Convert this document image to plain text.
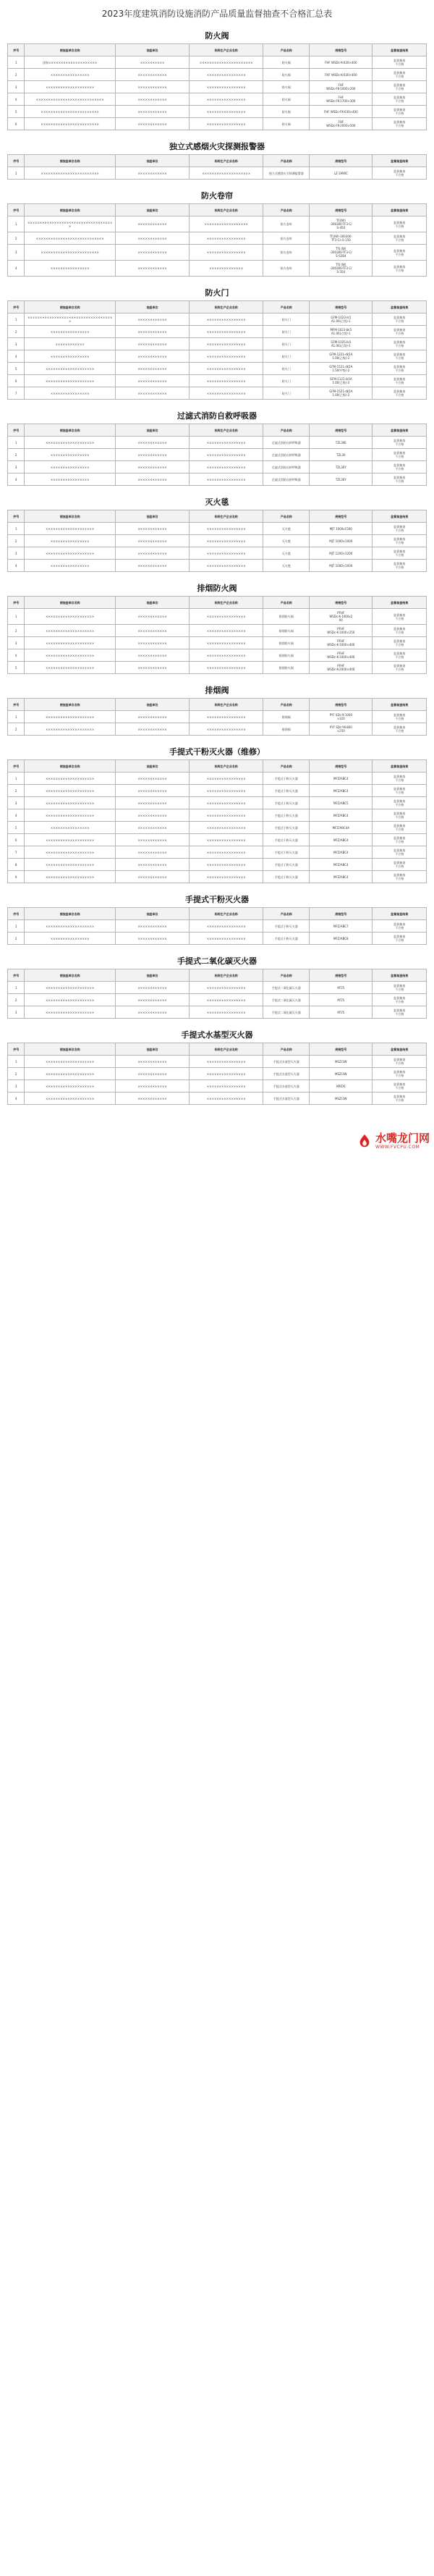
2023年度建筑消防设施消防产品质量监督抽查不合格汇总表
防火阀
序号	被抽查单位名称	抽查单位	标称生产企业名称	产品名称	规格型号	监督抽查结果
1	国家××××××××××××××××××××	××××××××××	××××××××××××××××××××××	防火阀	FHF WSDc-K-630×400	监督抽查
不合格
2	××××××××××××××××	××××××××××××	××××××××××××××××	防火阀	FHF WSDc-K-630×400	监督抽查
不合格
3	××××××××××××××××××××	××××××××××××	××××××××××××××××	防火阀	FHF
WSDc-FK-1000×200	监督抽查
不合格
4	××××××××××××××××××××××××××××	××××××××××××	××××××××××××××××	防火阀	FHF
WSDc-FK-1700×300	监督抽查
不合格
5	××××××××××××××××××××××××	××××××××××××	××××××××××××××××	防火阀	FHF WSDc-FK-630×400	监督抽查
不合格
6	××××××××××××××××××××××××	××××××××××××	××××××××××××××××	防火阀	FHF
WSDc-FK-2000×500	监督抽查
不合格
独立式感烟火灾探测报警器
序号	被抽查单位名称	抽查单位	标称生产企业名称	产品名称	规格型号	监督抽查结果
1	××××××××××××××××××××××××	××××××××××××	××××××××××××××××××××	独立式感烟火灾探测报警器	LZ-1990C	监督抽查
不合格
防火卷帘
序号	被抽查单位名称	抽查单位	标称生产企业名称	产品名称	规格型号	监督抽查结果
1	××××××××××××××××××××××××××××××××××××	××××××××××××	××××××××××××××××××	防火卷帘	TFJ(W)
-300300-TF3-C/
S-450	监督抽查
不合格
2	××××××××××××××××××××××××××××	××××××××××××	××××××××××××××××	防火卷帘	TFJ(W)-300300-
TF3-Cs-S-150	监督抽查
不合格
3	××××××××××××××××××××××××	××××××××××××	××××××××××××××××	防火卷帘	TFJ (W)
-300300-TF3-C/
S-S2B4	监督抽查
不合格
4	××××××××××××××××	××××××××××××	××××××××××××××	防火卷帘	TFJ (W)
-300300-TF3-C/
S-350	监督抽查
不合格
防火门
序号	被抽查单位名称	抽查单位	标称生产企业名称	产品名称	规格型号	监督抽查结果
1	××××××××××××××××××××××××××××××××××××	××××××××××××	××××××××××××××××	防火门	GFM-1023-ik5
A1.00(乙级)-1	监督抽查
不合格
2	××××××××××××××××	××××××××××××	××××××××××××××××	防火门	MFM-1023-bk5
A1.00(乙级)-1	监督抽查
不合格
3	××××××××××××	××××××××××××	××××××××××××××××	防火门	GFM-1025-lk5
A1.00(乙级)-1	监督抽查
不合格
4	××××××××××××××××	××××××××××××	××××××××××××××××	防火门	GFM-1221-dk5A
1.00(乙级)-2	监督抽查
不合格
5	××××××××××××××××××××	××××××××××××	××××××××××××××××	防火门	GFM-1521-dk5A
1.50(甲级)-2	监督抽查
不合格
6	××××××××××××××××××××	××××××××××××	××××××××××××××××	防火门	GFM-1121-ik5A
1.00(乙级)-2	监督抽查
不合格
7	××××××××××××××××	××××××××××××	××××××××××××××××	防火门	GFM-1521-dk5A
1.00(乙级)-2	监督抽查
不合格
过滤式消防自救呼吸器
序号	被抽查单位名称	抽查单位	标称生产企业名称	产品名称	规格型号	监督抽查结果
1	××××××××××××××××××××	××××××××××××	××××××××××××××××	过滤式消防自救呼吸器	TZL30E	监督抽查
不合格
2	××××××××××××××××	××××××××××××	××××××××××××××××	过滤式消防自救呼吸器	TZL30	监督抽查
不合格
3	××××××××××××××××	××××××××××××	××××××××××××××××	过滤式消防自救呼吸器	TZL30Y	监督抽查
不合格
4	××××××××××××××××	××××××××××××	××××××××××××××××	过滤式消防自救呼吸器	TZL30Y	监督抽查
不合格
灭火毯
序号	被抽查单位名称	抽查单位	标称生产企业名称	产品名称	规格型号	监督抽查结果
1	××××××××××××××××××××	××××××××××××	××××××××××××××××	灭火毯	MJT 1000x1500	监督抽查
不合格
2	××××××××××××××××	××××××××××××	××××××××××××××××	灭火毯	MJT 1000×1000	监督抽查
不合格
3	××××××××××××××××××××	××××××××××××	××××××××××××××××	灭火毯	MJT 1200×1200	监督抽查
不合格
4	××××××××××××××××	××××××××××××	××××××××××××××××	灭火毯	MJT 1000×1000	监督抽查
不合格
排烟防火阀
序号	被抽查单位名称	抽查单位	标称生产企业名称	产品名称	规格型号	监督抽查结果
1	××××××××××××××××××××	××××××××××××	××××××××××××××××	排烟防火阀	PFHF
WSDc-K-1000x2
00	监督抽查
不合格
2	××××××××××××××××××××	××××××××××××	××××××××××××××××	排烟防火阀	PFHF
WSDc-K-1000×250	监督抽查
不合格
3	××××××××××××××××××××	××××××××××××	××××××××××××××××	排烟防火阀	PFHF
WSDc-K-1000×400	监督抽查
不合格
4	××××××××××××××××××××	××××××××××××	××××××××××××××××	排烟防火阀	PFHF
WSDc-K-1000×400	监督抽查
不合格
5	××××××××××××××××××××	××××××××××××	××××××××××××××××	排烟防火阀	PFHF
WSDc-K-2000×400	监督抽查
不合格
排烟阀
序号	被抽查单位名称	抽查单位	标称生产企业名称	产品名称	规格型号	监督抽查结果
1	××××××××××××××××××××	××××××××××××	××××××××××××××××	排烟阀	PYF SDc-K-1000
×320	监督抽查
不合格
2	××××××××××××××××××××	××××××××××××	××××××××××××××××	排烟阀	PYF SDc-YK-800
×250	监督抽查
不合格
手提式干粉灭火器（维修）
序号	被抽查单位名称	抽查单位	标称生产企业名称	产品名称	规格型号	监督抽查结果
1	××××××××××××××××××××	××××××××××××	××××××××××××××××	手提式干粉灭火器	MFZ/ABC4	监督抽查
不合格
2	××××××××××××××××××××	××××××××××××	××××××××××××××××	手提式干粉灭火器	MFZ/ABC4	监督抽查
不合格
3	××××××××××××××××××××	××××××××××××	××××××××××××××××	手提式干粉灭火器	MFZ/ABC5	监督抽查
不合格
4	××××××××××××××××××××	××××××××××××	××××××××××××××××	手提式干粉灭火器	MFZ/ABC4	监督抽查
不合格
5	××××××××××××××××	××××××××××××	××××××××××××××××	手提式干粉灭火器	MFZ/ABC4A	监督抽查
不合格
6	××××××××××××××××××××	××××××××××××	××××××××××××××××	手提式干粉灭火器	MFZ/ABC4	监督抽查
不合格
7	××××××××××××××××××××	××××××××××××	××××××××××××××××	手提式干粉灭火器	MFZ/ABC4	监督抽查
不合格
8	××××××××××××××××××××	××××××××××××	××××××××××××××××	手提式干粉灭火器	MFZ/ABC4	监督抽查
不合格
9	××××××××××××××××××××	××××××××××××	××××××××××××××××	手提式干粉灭火器	MFZ/ABC4	监督抽查
不合格
手提式干粉灭火器
序号	被抽查单位名称	抽查单位	标称生产企业名称	产品名称	规格型号	监督抽查结果
1	××××××××××××××××××××	××××××××××××	××××××××××××××××	手提式干粉灭火器	MFZ/ABC7	监督抽查
不合格
2	××××××××××××××××	××××××××××××	××××××××××××××××	手提式干粉灭火器	MFZ/ABC8	监督抽查
不合格
手提式二氧化碳灭火器
序号	被抽查单位名称	抽查单位	标称生产企业名称	产品名称	规格型号	监督抽查结果
1	××××××××××××××××××××	××××××××××××	××××××××××××××××	手提式二氧化碳灭火器	MT/5	监督抽查
不合格
2	××××××××××××××××××××	××××××××××××	××××××××××××××××	手提式二氧化碳灭火器	MT/5	监督抽查
不合格
3	××××××××××××××××××××	××××××××××××	××××××××××××××××	手提式二氧化碳灭火器	MT/5	监督抽查
不合格
手提式水基型灭火器
序号	被抽查单位名称	抽查单位	标称生产企业名称	产品名称	规格型号	监督抽查结果
1	××××××××××××××××××××	××××××××××××	××××××××××××××××	手提式水基型灭火器	MSZ/3W	监督抽查
不合格
2	××××××××××××××××××××	××××××××××××	××××××××××××××××	手提式水基型灭火器	MSZ/3W	监督抽查
不合格
3	××××××××××××××××××××	××××××××××××	××××××××××××××××	手提式水基型灭火器	MPZ/6	监督抽查
不合格
4	××××××××××××××××××××	××××××××××××	××××××××××××××××	手提式水基型灭火器	MSZ/3W	监督抽查
不合格
水嘴龙门网
WWW.FVCPU.COM
